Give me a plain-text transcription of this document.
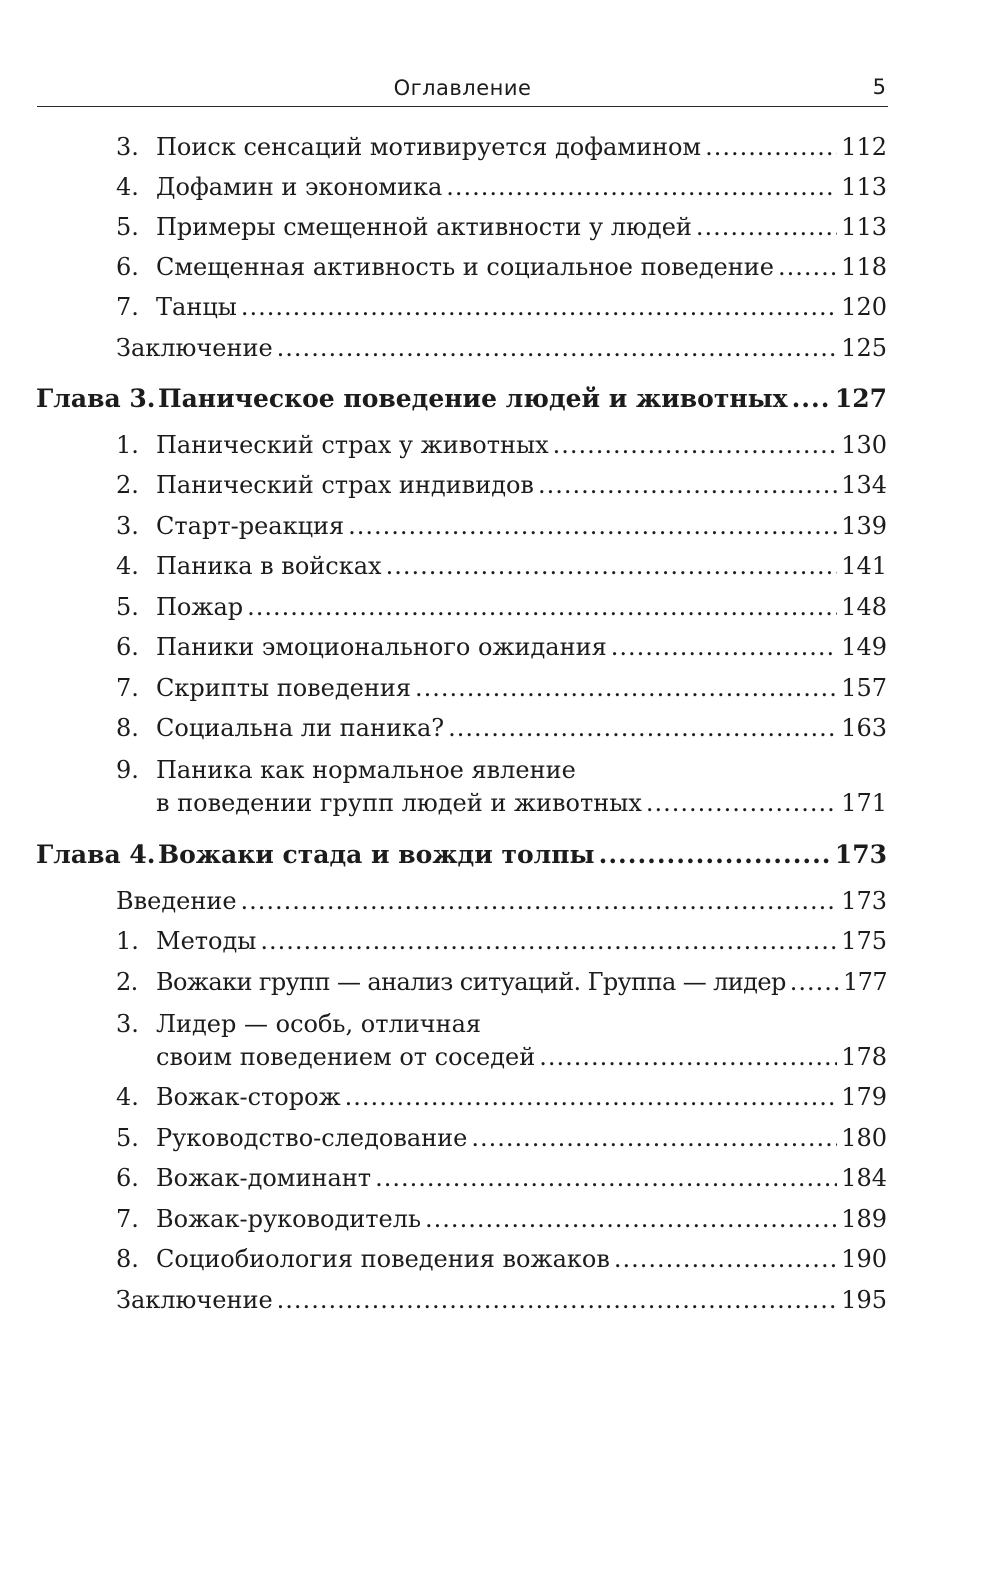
Оглавление	5
3. Поиск сенсаций мотивируется дофамином .....	112
4. Дофамин и экономика .....	113
5. Примеры смещенной активности у людей .....	113
6. Смещенная активность и социальное поведение .....	118
7. Танцы .....	120
Заключение .....	125
Глава 3. Паническое поведение людей и животных ..... 127
1. Панический страх у животных .....	130
2. Панический страх индивидов .....	134
3. Старт-реакция .....	139
4. Паника в войсках .....	141
5. Пожар .....	148
6. Паники эмоционального ожидания .....	149
7. Скрипты поведения .....	157
8. Социальна ли паника? .....	163
9. Паника как нормальное явление
в поведении групп людей и животных .....	171
Глава 4. Вожаки стада и вожди толпы .....	173
Введение .....	173
1. Методы .....	175
2. Вожаки групп — анализ ситуаций. Группа — лидер ..... 177
3. Лидер — особь, отличная
своим поведением от соседей .....	178
4. Вожак-сторож .....	179
5. Руководство-следование .....	180
6. Вожак-доминант .....	184
7. Вожак-руководитель .....	189
8. Социобиология поведения вожаков .....	190
Заключение .....	195
